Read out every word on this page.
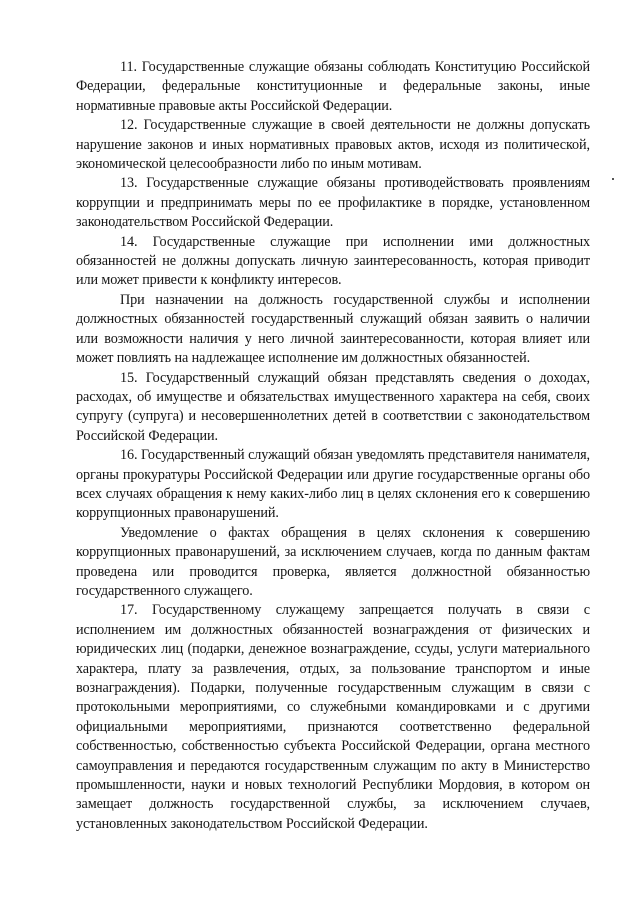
11. Государственные служащие обязаны соблюдать Конституцию Российской Федерации, федеральные конституционные и федеральные законы, иные нормативные правовые акты Российской Федерации.

12. Государственные служащие в своей деятельности не должны допускать нарушение законов и иных нормативных правовых актов, исходя из политической, экономической целесообразности либо по иным мотивам.

13. Государственные служащие обязаны противодействовать проявлениям коррупции и предпринимать меры по ее профилактике в порядке, установленном законодательством Российской Федерации.

14. Государственные служащие при исполнении ими должностных обязанностей не должны допускать личную заинтересованность, которая приводит или может привести к конфликту интересов.

При назначении на должность государственной службы и исполнении должностных обязанностей государственный служащий обязан заявить о наличии или возможности наличия у него личной заинтересованности, которая влияет или может повлиять на надлежащее исполнение им должностных обязанностей.

15. Государственный служащий обязан представлять сведения о доходах, расходах, об имуществе и обязательствах имущественного характера на себя, своих супругу (супруга) и несовершеннолетних детей в соответствии с законодательством Российской Федерации.

16. Государственный служащий обязан уведомлять представителя нанимателя, органы прокуратуры Российской Федерации или другие государственные органы обо всех случаях обращения к нему каких-либо лиц в целях склонения его к совершению коррупционных правонарушений.

Уведомление о фактах обращения в целях склонения к совершению коррупционных правонарушений, за исключением случаев, когда по данным фактам проведена или проводится проверка, является должностной обязанностью государственного служащего.

17. Государственному служащему запрещается получать в связи с исполнением им должностных обязанностей вознаграждения от физических и юридических лиц (подарки, денежное вознаграждение, ссуды, услуги материального характера, плату за развлечения, отдых, за пользование транспортом и иные вознаграждения). Подарки, полученные государственным служащим в связи с протокольными мероприятиями, со служебными командировками и с другими официальными мероприятиями, признаются соответственно федеральной собственностью, собственностью субъекта Российской Федерации, органа местного самоуправления и передаются государственным служащим по акту в Министерство промышленности, науки и новых технологий Республики Мордовия, в котором он замещает должность государственной службы, за исключением случаев, установленных законодательством Российской Федерации.
